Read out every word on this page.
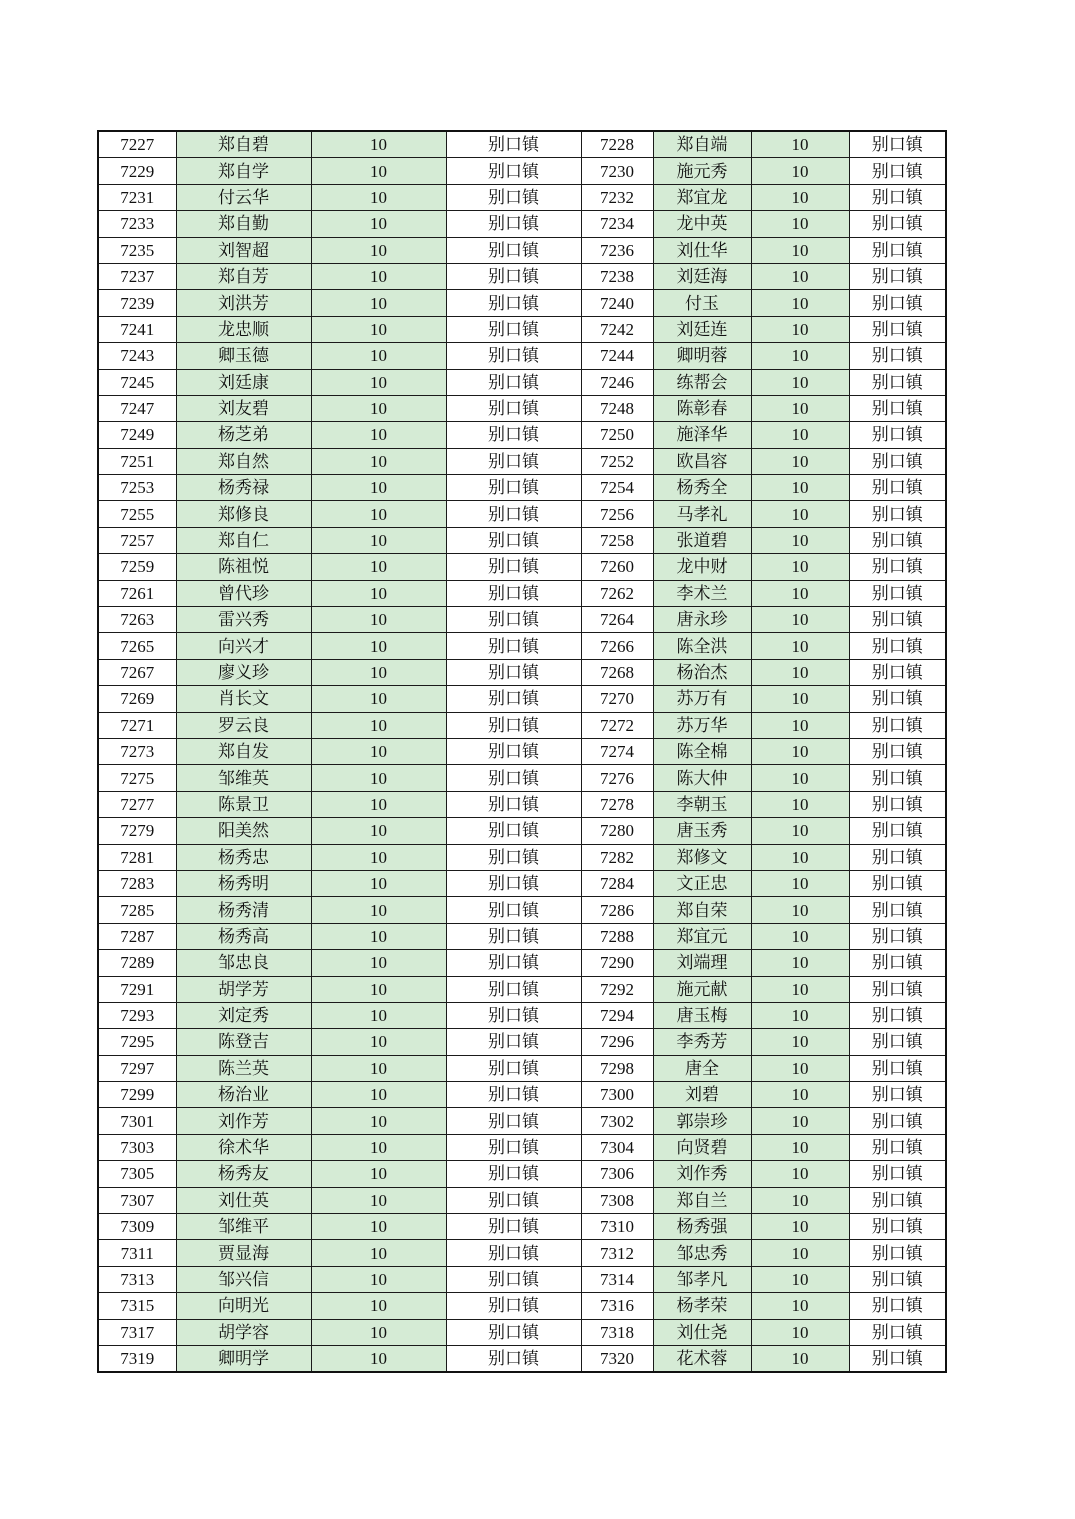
7227	郑自碧	10	别口镇	7228	郑自端	10	别口镇
7229	郑自学	10	别口镇	7230	施元秀	10	别口镇
7231	付云华	10	别口镇	7232	郑宜龙	10	别口镇
7233	郑自勤	10	别口镇	7234	龙中英	10	别口镇
7235	刘智超	10	别口镇	7236	刘仕华	10	别口镇
7237	郑自芳	10	别口镇	7238	刘廷海	10	别口镇
7239	刘洪芳	10	别口镇	7240	付玉	10	别口镇
7241	龙忠顺	10	别口镇	7242	刘廷连	10	别口镇
7243	卿玉德	10	别口镇	7244	卿明蓉	10	别口镇
7245	刘廷康	10	别口镇	7246	练帮会	10	别口镇
7247	刘友碧	10	别口镇	7248	陈彰春	10	别口镇
7249	杨芝弟	10	别口镇	7250	施泽华	10	别口镇
7251	郑自然	10	别口镇	7252	欧昌容	10	别口镇
7253	杨秀禄	10	别口镇	7254	杨秀全	10	别口镇
7255	郑修良	10	别口镇	7256	马孝礼	10	别口镇
7257	郑自仁	10	别口镇	7258	张道碧	10	别口镇
7259	陈祖悦	10	别口镇	7260	龙中财	10	别口镇
7261	曾代珍	10	别口镇	7262	李术兰	10	别口镇
7263	雷兴秀	10	别口镇	7264	唐永珍	10	别口镇
7265	向兴才	10	别口镇	7266	陈全洪	10	别口镇
7267	廖义珍	10	别口镇	7268	杨治杰	10	别口镇
7269	肖长文	10	别口镇	7270	苏万有	10	别口镇
7271	罗云良	10	别口镇	7272	苏万华	10	别口镇
7273	郑自发	10	别口镇	7274	陈全棉	10	别口镇
7275	邹维英	10	别口镇	7276	陈大仲	10	别口镇
7277	陈景卫	10	别口镇	7278	李朝玉	10	别口镇
7279	阳美然	10	别口镇	7280	唐玉秀	10	别口镇
7281	杨秀忠	10	别口镇	7282	郑修文	10	别口镇
7283	杨秀明	10	别口镇	7284	文正忠	10	别口镇
7285	杨秀清	10	别口镇	7286	郑自荣	10	别口镇
7287	杨秀高	10	别口镇	7288	郑宜元	10	别口镇
7289	邹忠良	10	别口镇	7290	刘端理	10	别口镇
7291	胡学芳	10	别口镇	7292	施元献	10	别口镇
7293	刘定秀	10	别口镇	7294	唐玉梅	10	别口镇
7295	陈登吉	10	别口镇	7296	李秀芳	10	别口镇
7297	陈兰英	10	别口镇	7298	唐全	10	别口镇
7299	杨治业	10	别口镇	7300	刘碧	10	别口镇
7301	刘作芳	10	别口镇	7302	郭崇珍	10	别口镇
7303	徐术华	10	别口镇	7304	向贤碧	10	别口镇
7305	杨秀友	10	别口镇	7306	刘作秀	10	别口镇
7307	刘仕英	10	别口镇	7308	郑自兰	10	别口镇
7309	邹维平	10	别口镇	7310	杨秀强	10	别口镇
7311	贾显海	10	别口镇	7312	邹忠秀	10	别口镇
7313	邹兴信	10	别口镇	7314	邹孝凡	10	别口镇
7315	向明光	10	别口镇	7316	杨孝荣	10	别口镇
7317	胡学容	10	别口镇	7318	刘仕尧	10	别口镇
7319	卿明学	10	别口镇	7320	花术蓉	10	别口镇
